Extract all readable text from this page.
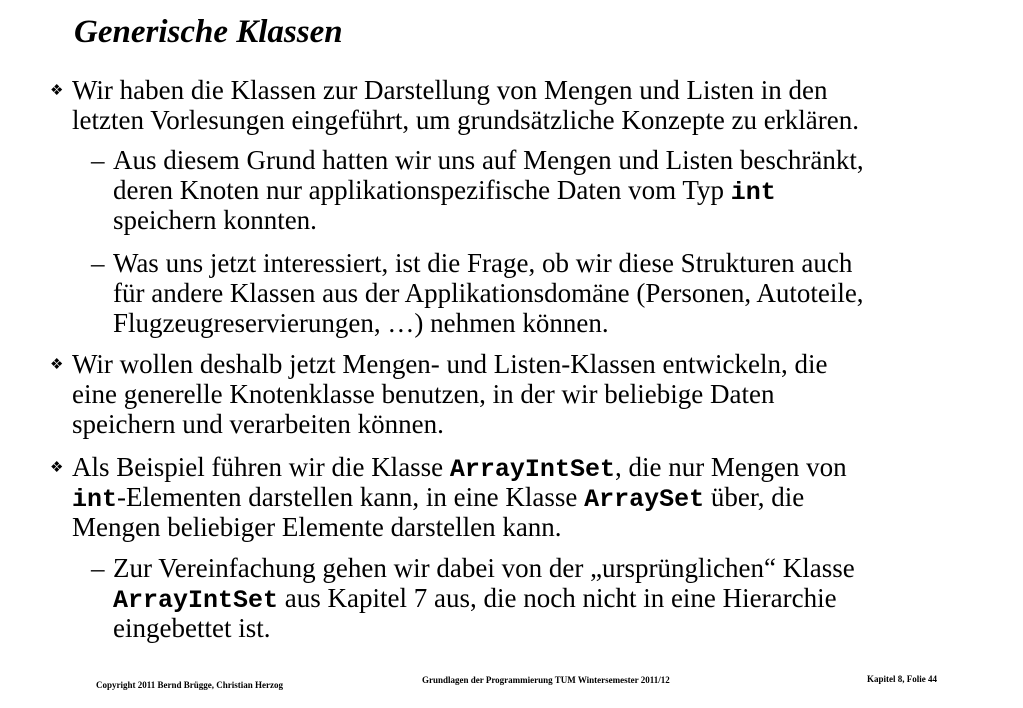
Generische Klassen
❖ Wir haben die Klassen zur Darstellung von Mengen und Listen in den
letzten Vorlesungen eingeführt, um grundsätzliche Konzepte zu erklären.
– Aus diesem Grund hatten wir uns auf Mengen und Listen beschränkt,
deren Knoten nur applikationspezifische Daten vom Typ int
speichern konnten.
– Was uns jetzt interessiert, ist die Frage, ob wir diese Strukturen auch
für andere Klassen aus der Applikationsdomäne (Personen, Autoteile,
Flugzeugreservierungen, …) nehmen können.
❖ Wir wollen deshalb jetzt Mengen- und Listen-Klassen entwickeln, die
eine generelle Knotenklasse benutzen, in der wir beliebige Daten
speichern und verarbeiten können.
❖ Als Beispiel führen wir die Klasse ArrayIntSet, die nur Mengen von
int-Elementen darstellen kann, in eine Klasse ArraySet über, die
Mengen beliebiger Elemente darstellen kann.
– Zur Vereinfachung gehen wir dabei von der „ursprünglichen“ Klasse
ArrayIntSet aus Kapitel 7 aus, die noch nicht in eine Hierarchie
eingebettet ist.
Copyright 2011 Bernd Brügge, Christian Herzog	Grundlagen der Programmierung TUM Wintersemester 2011/12	Kapitel 8, Folie 44
